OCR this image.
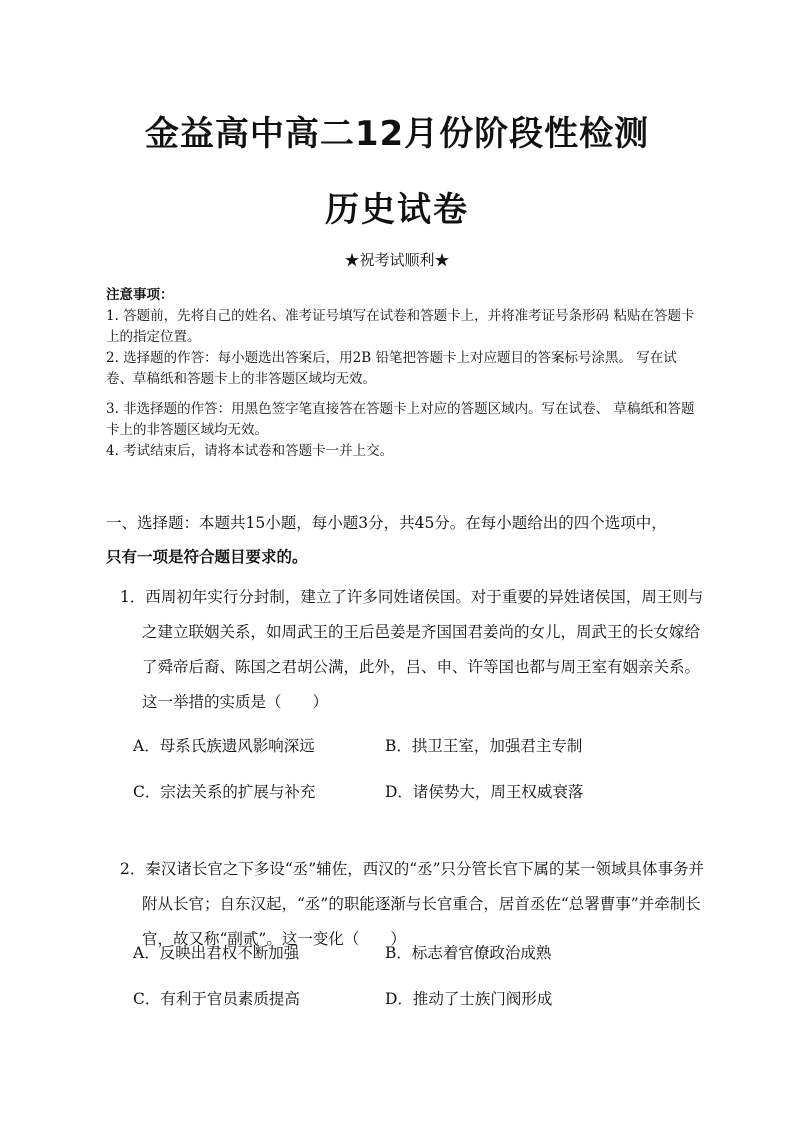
金益高中高二12月份阶段性检测
历史试卷
★祝考试顺利★

注意事项：

1. 答题前，先将自己的姓名、准考证号填写在试卷和答题卡上，并将准考证号条形码 粘贴在答题卡上的指定位置。

2. 选择题的作答：每小题选出答案后，用2B 铅笔把答题卡上对应题目的答案标号涂黑。 写在试卷、草稿纸和答题卡上的非答题区域均无效。

3. 非选择题的作答：用黑色签字笔直接答在答题卡上对应的答题区域内。写在试卷、 草稿纸和答题卡上的非答题区域均无效。

4. 考试结束后，请将本试卷和答题卡一并上交。

一、选择题：本题共15小题，每小题3分，共45分。在每小题给出的四个选项中，
只有一项是符合题目要求的。
1．西周初年实行分封制，建立了许多同姓诸侯国。对于重要的异姓诸侯国，周王则与之建立联姻关系，如周武王的王后邑姜是齐国国君姜尚的女儿，周武王的长女嫁给了舜帝后裔、陈国之君胡公满，此外，吕、申、许等国也都与周王室有姻亲关系。这一举措的实质是（　　）
A．母系氏族遗风影响深远	B．拱卫王室，加强君主专制
C．宗法关系的扩展与补充	D．诸侯势大，周王权威衰落
2．秦汉诸长官之下多设“丞”辅佐，西汉的“丞”只分管长官下属的某一领域具体事务并附从长官；自东汉起，“丞”的职能逐渐与长官重合，居首丞佐“总署曹事”并牵制长官，故又称“副贰”。这一变化（　　）
A．反映出君权不断加强	B．标志着官僚政治成熟
C．有利于官员素质提高	D．推动了士族门阀形成
